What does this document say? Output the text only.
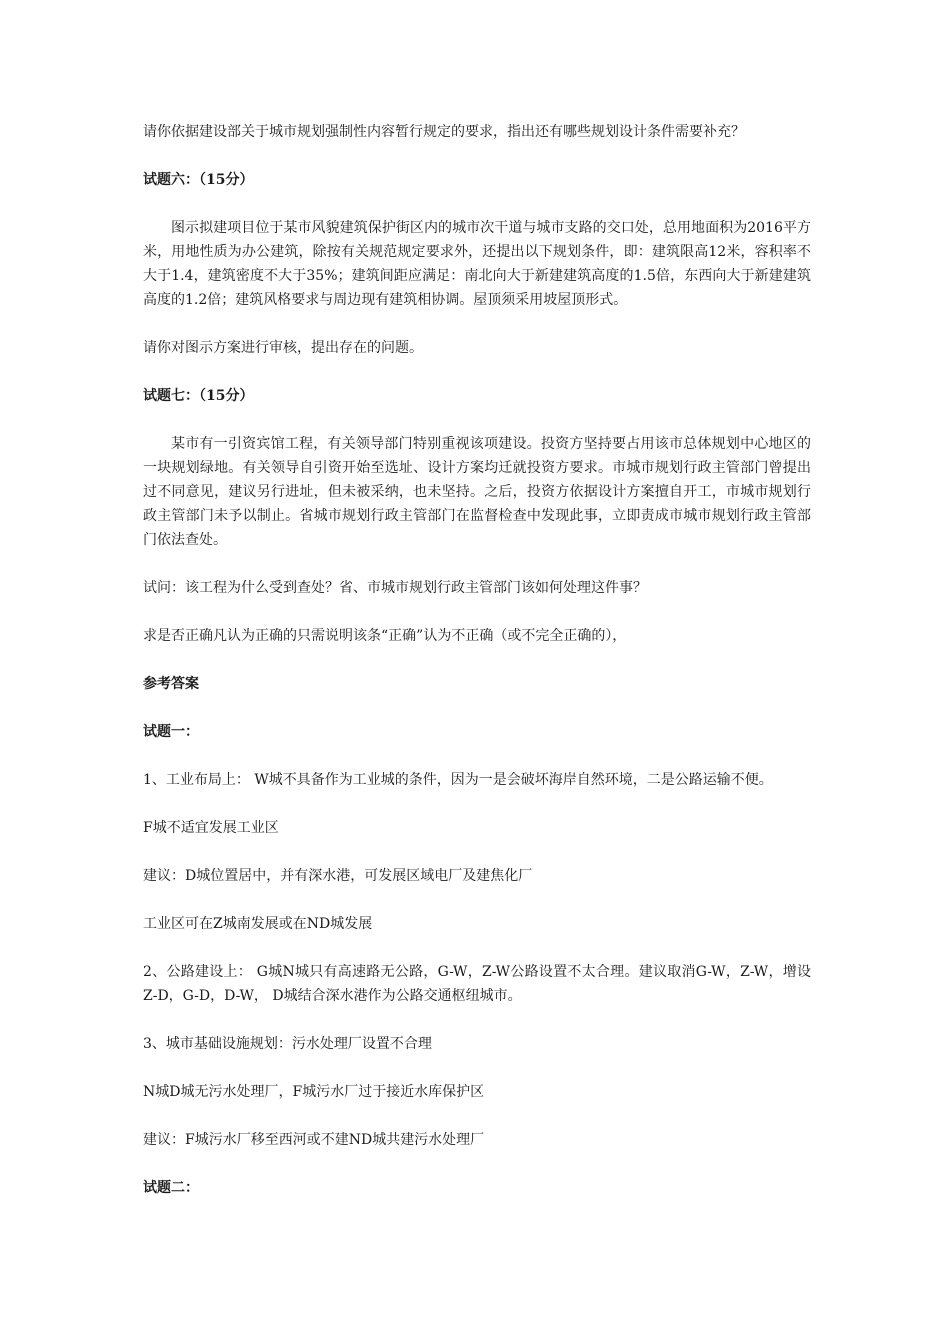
请你依据建设部关于城市规划强制性内容暂行规定的要求，指出还有哪些规划设计条件需要补充？

试题六：（15分）

图示拟建项目位于某市风貌建筑保护街区内的城市次干道与城市支路的交口处，总用地面积为2016平方米，用地性质为办公建筑，除按有关规范规定要求外，还提出以下规划条件，即：建筑限高12米，容积率不大于1.4，建筑密度不大于35%；建筑间距应满足：南北向大于新建建筑高度的1.5倍，东西向大于新建建筑高度的1.2倍；建筑风格要求与周边现有建筑相协调。屋顶须采用坡屋顶形式。

请你对图示方案进行审核，提出存在的问题。

试题七：（15分）

某市有一引资宾馆工程，有关领导部门特别重视该项建设。投资方坚持要占用该市总体规划中心地区的一块规划绿地。有关领导自引资开始至选址、设计方案均迁就投资方要求。市城市规划行政主管部门曾提出过不同意见，建议另行进址，但未被采纳，也未坚持。之后，投资方依据设计方案擅自开工，市城市规划行政主管部门未予以制止。省城市规划行政主管部门在监督检查中发现此事，立即责成市城市规划行政主管部门依法查处。

试问：该工程为什么受到查处？省、市城市规划行政主管部门该如何处理这件事？

求是否正确凡认为正确的只需说明该条“正确”认为不正确（或不完全正确的），

参考答案

试题一：

1、工业布局上： W城不具备作为工业城的条件，因为一是会破坏海岸自然环境，二是公路运输不便。

F城不适宜发展工业区

建议：D城位置居中，并有深水港，可发展区域电厂及建焦化厂

工业区可在Z城南发展或在ND城发展

2、公路建设上： G城N城只有高速路无公路，G-W，Z-W公路设置不太合理。建议取消G-W，Z-W，增设Z-D，G-D，D-W， D城结合深水港作为公路交通枢纽城市。

3、城市基础设施规划：污水处理厂设置不合理

N城D城无污水处理厂，F城污水厂过于接近水库保护区

建议：F城污水厂移至西河或不建ND城共建污水处理厂

试题二：
